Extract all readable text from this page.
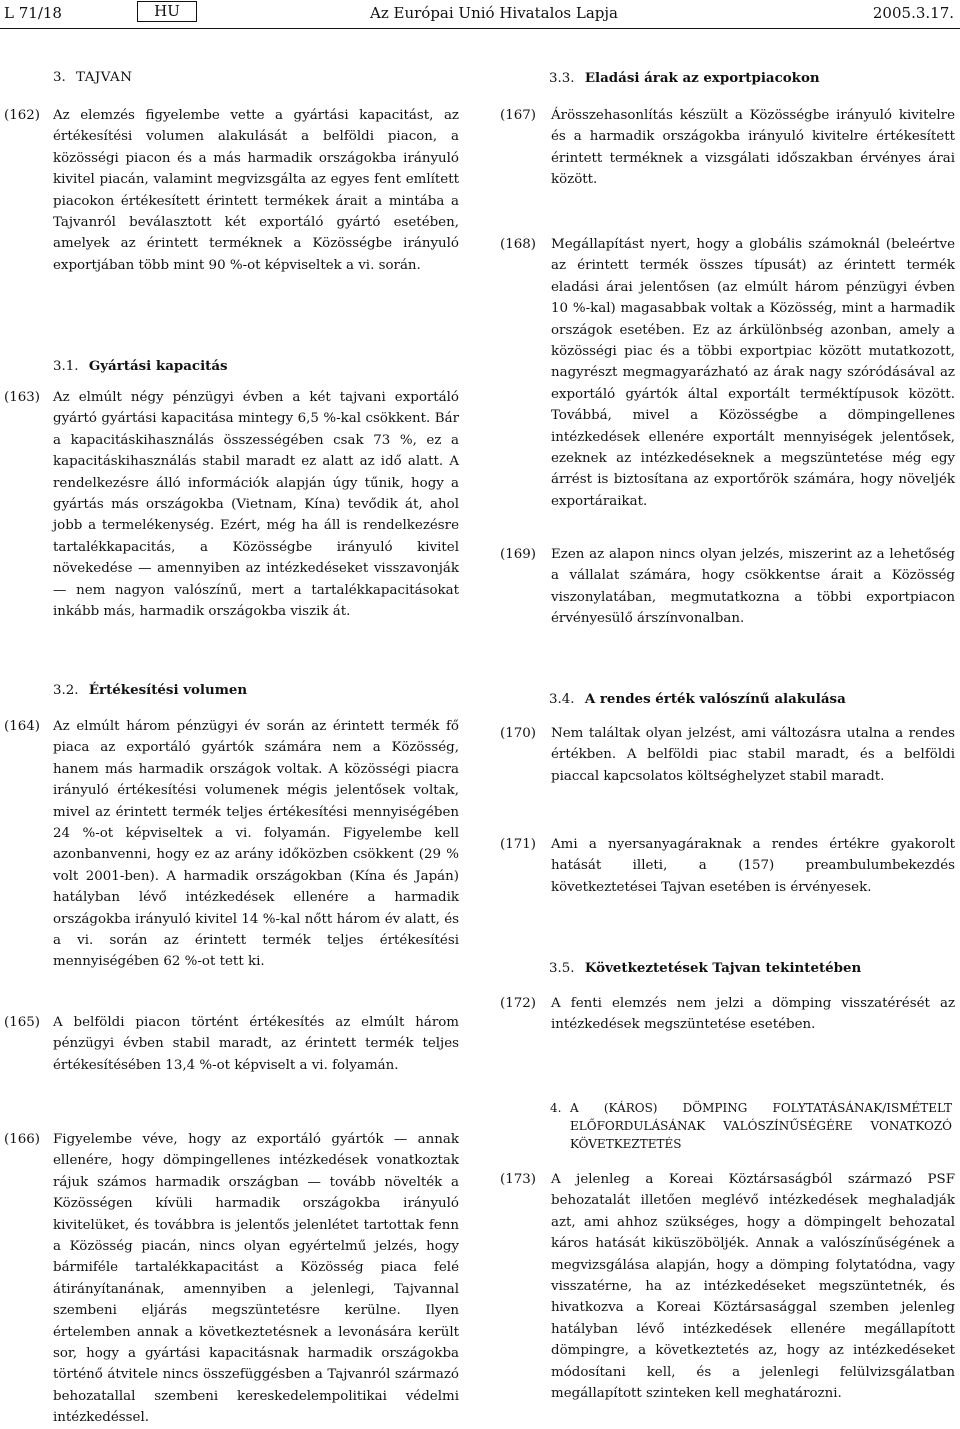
L 71/18	HU	Az Európai Unió Hivatalos Lapja	2005.3.17.
3. TAJVAN
(162) Az elemzés figyelembe vette a gyártási kapacitást, az értékesítési volumen alakulását a belföldi piacon, a közösségi piacon és a más harmadik országokba irányuló kivitel piacán, valamint megvizsgálta az egyes fent említett piacokon értékesített érintett termékek árait a mintába a Tajvanról beválasztott két exportáló gyártó esetében, amelyek az érintett terméknek a Közösségbe irányuló exportjában több mint 90 %-ot képviseltek a vi. során.
3.1. Gyártási kapacitás
(163) Az elmúlt négy pénzügyi évben a két tajvani exportáló gyártó gyártási kapacitása mintegy 6,5 %-kal csökkent. Bár a kapacitáskihasználás összességében csak 73 %, ez a kapacitáskihasználás stabil maradt ez alatt az idő alatt. A rendelkezésre álló információk alapján úgy tűnik, hogy a gyártás más országokba (Vietnam, Kína) tevődik át, ahol jobb a termelékenység. Ezért, még ha áll is rendelkezésre tartalékkapacitás, a Közösségbe irányuló kivitel növekedése — amennyiben az intézkedéseket visszavonják — nem nagyon valószínű, mert a tartalékkapacitásokat inkább más, harmadik országokba viszik át.
3.2. Értékesítési volumen
(164) Az elmúlt három pénzügyi év során az érintett termék fő piaca az exportáló gyártók számára nem a Közösség, hanem más harmadik országok voltak. A közösségi piacra irányuló értékesítési volumenek mégis jelentősek voltak, mivel az érintett termék teljes értékesítési mennyiségében 24 %-ot képviseltek a vi. folyamán. Figyelembe kell azonbanvenni, hogy ez az arány időközben csökkent (29 % volt 2001-ben). A harmadik országokban (Kína és Japán) hatályban lévő intézkedések ellenére a harmadik országokba irányuló kivitel 14 %-kal nőtt három év alatt, és a vi. során az érintett termék teljes értékesítési mennyiségében 62 %-ot tett ki.
(165) A belföldi piacon történt értékesítés az elmúlt három pénzügyi évben stabil maradt, az érintett termék teljes értékesítésében 13,4 %-ot képviselt a vi. folyamán.
(166) Figyelembe véve, hogy az exportáló gyártók — annak ellenére, hogy dömpingellenes intézkedések vonatkoztak rájuk számos harmadik országban — tovább növelték a Közösségen kívüli harmadik országokba irányuló kivitelüket, és továbbra is jelentős jelenlétet tartottak fenn a Közösség piacán, nincs olyan egyértelmű jelzés, hogy bármiféle tartalékkapacitást a Közösség piaca felé átirányítanának, amennyiben a jelenlegi, Tajvannal szembeni eljárás megszüntetésre kerülne. Ilyen értelemben annak a következtetésnek a levonására került sor, hogy a gyártási kapacitásnak harmadik országokba történő átvitele nincs összefüggésben a Tajvanról származó behozatallal szembeni kereskedelempolitikai védelmi intézkedéssel.
3.3. Eladási árak az exportpiacokon
(167) Árösszehasonlítás készült a Közösségbe irányuló kivitelre és a harmadik országokba irányuló kivitelre értékesített érintett terméknek a vizsgálati időszakban érvényes árai között.
(168) Megállapítást nyert, hogy a globális számoknál (beleértve az érintett termék összes típusát) az érintett termék eladási árai jelentősen (az elmúlt három pénzügyi évben 10 %-kal) magasabbak voltak a Közösség, mint a harmadik országok esetében. Ez az árkülönbség azonban, amely a közösségi piac és a többi exportpiac között mutatkozott, nagyrészt megmagyarázható az árak nagy szóródásával az exportáló gyártók által exportált terméktípusok között. Továbbá, mivel a Közösségbe a dömpingellenes intézkedések ellenére exportált mennyiségek jelentősek, ezeknek az intézkedéseknek a megszüntetése még egy árrést is biztosítana az exportőrök számára, hogy növeljék exportáraikat.
(169) Ezen az alapon nincs olyan jelzés, miszerint az a lehetőség a vállalat számára, hogy csökkentse árait a Közösség viszonylatában, megmutatkozna a többi exportpiacon érvényesülő árszínvonalban.
3.4. A rendes érték valószínű alakulása
(170) Nem találtak olyan jelzést, ami változásra utalna a rendes értékben. A belföldi piac stabil maradt, és a belföldi piaccal kapcsolatos költséghelyzet stabil maradt.
(171) Ami a nyersanyagáraknak a rendes értékre gyakorolt hatását illeti, a (157) preambulumbekezdés következtetései Tajvan esetében is érvényesek.
3.5. Következtetések Tajvan tekintetében
(172) A fenti elemzés nem jelzi a dömping visszatérését az intézkedések megszüntetése esetében.
4. A (KÁROS) DÖMPING FOLYTATÁSÁNAK/ISMÉTELT ELŐFORDULÁSÁNAK VALÓSZÍNŰSÉGÉRE VONATKOZÓ KÖVETKEZTETÉS
(173) A jelenleg a Koreai Köztársaságból származó PSF behozatalát illetően meglévő intézkedések meghaladják azt, ami ahhoz szükséges, hogy a dömpingelt behozatal káros hatását kiküszöböljék. Annak a valószínűségének a megvizsgálása alapján, hogy a dömping folytatódna, vagy visszatérne, ha az intézkedéseket megszüntetnék, és hivatkozva a Koreai Köztársasággal szemben jelenleg hatályban lévő intézkedések ellenére megállapított dömpingre, a következtetés az, hogy az intézkedéseket módosítani kell, és a jelenlegi felülvizsgálatban megállapított szinteken kell meghatározni.
